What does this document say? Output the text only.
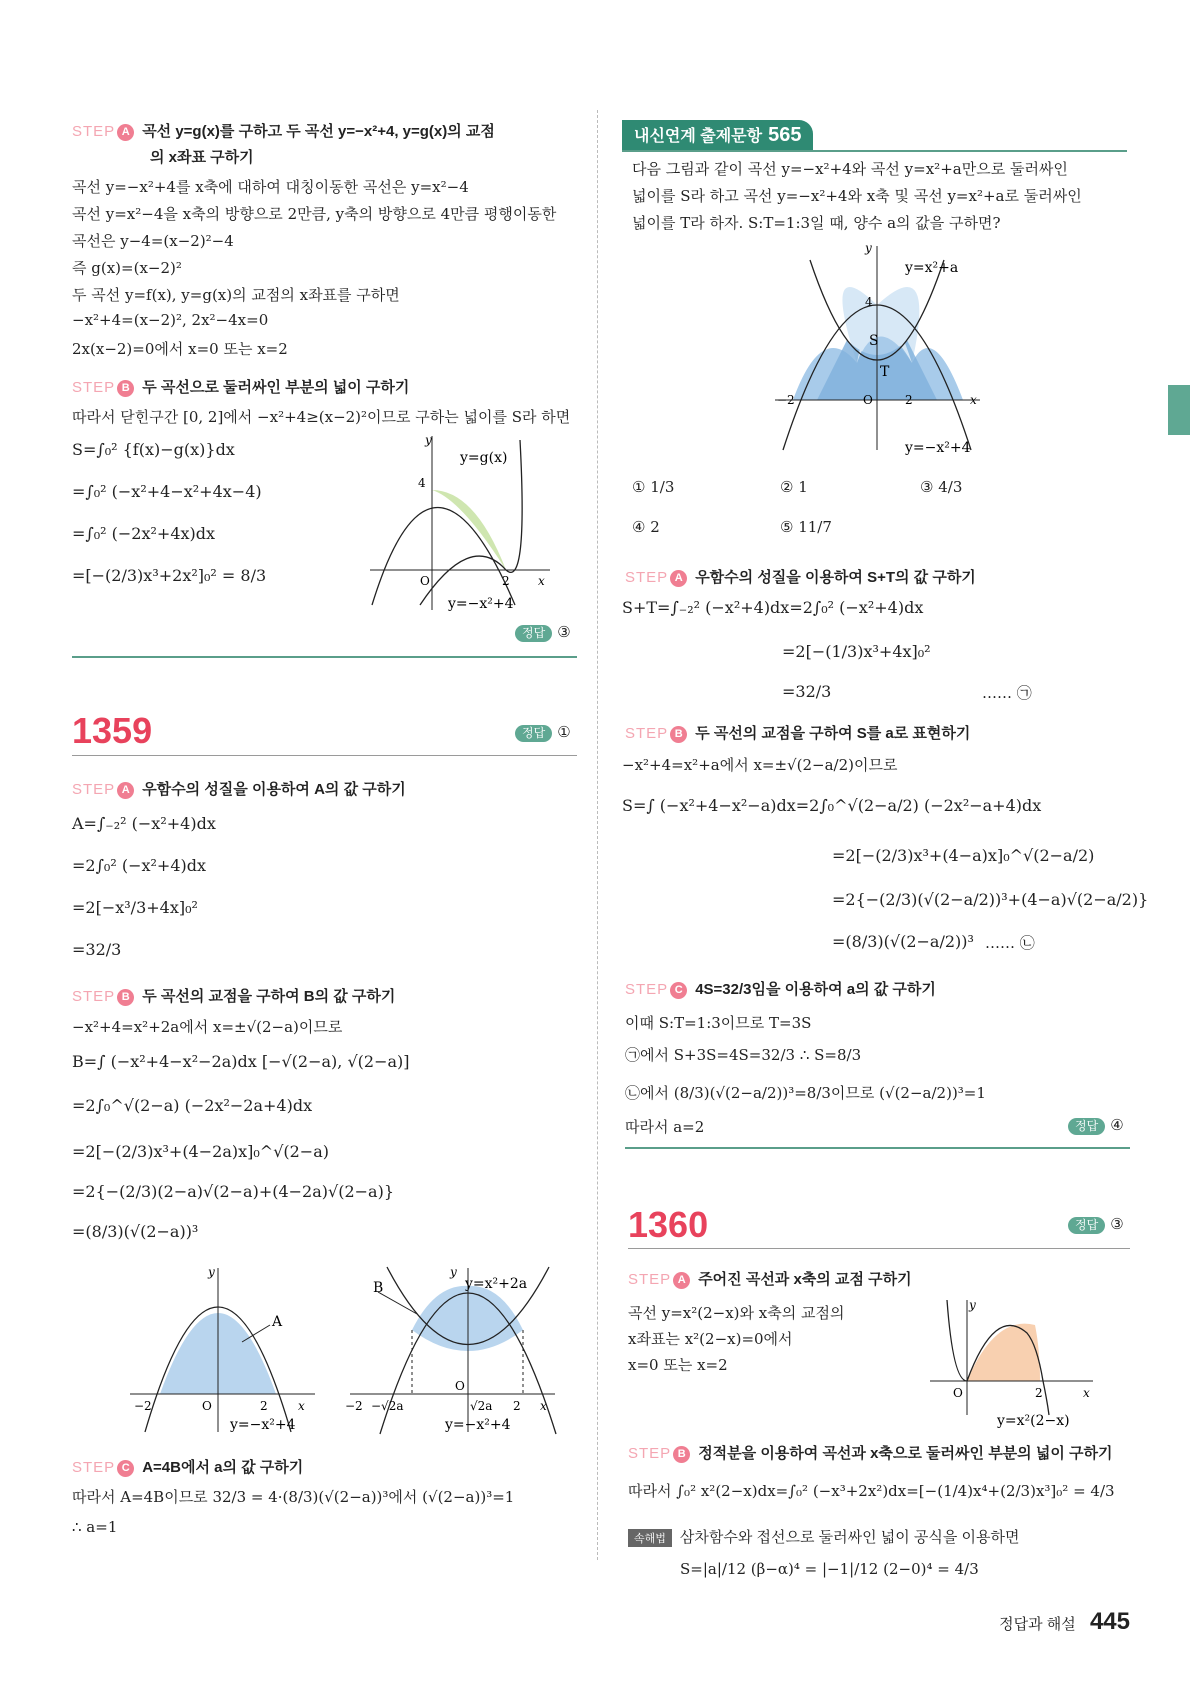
STEP A 곡선 y=g(x)를 구하고 두 곡선 y=−x²+4, y=g(x)의 교점
의 x좌표 구하기
곡선 y=−x²+4를 x축에 대하여 대칭이동한 곡선은 y=x²−4
곡선 y=x²−4을 x축의 방향으로 2만큼, y축의 방향으로 4만큼 평행이동한
곡선은 y−4=(x−2)²−4
즉 g(x)=(x−2)²
두 곡선 y=f(x), y=g(x)의 교점의 x좌표를 구하면
−x²+4=(x−2)², 2x²−4x=0
2x(x−2)=0에서 x=0 또는 x=2
STEP B 두 곡선으로 둘러싸인 부분의 넓이 구하기
따라서 닫힌구간 [0, 2]에서 −x²+4≥(x−2)²이므로 구하는 넓이를 S라 하면
S=∫₀² {f(x)−g(x)}dx
=∫₀² (−x²+4−x²+4x−4)
=∫₀² (−2x²+4x)dx
=[−(2/3)x³+2x²]₀² = 8/3
y=g(x)
4
O	2 x
y
y=−x²+4
정답 ③
1359	정답 ①
STEP A 우함수의 성질을 이용하여 A의 값 구하기
A=∫₋₂² (−x²+4)dx
=2∫₀² (−x²+4)dx
=2[−x³/3+4x]₀²
=32/3
STEP B 두 곡선의 교점을 구하여 B의 값 구하기
−x²+4=x²+2a에서 x=±√(2−a)이므로
B=∫ (−x²+4−x²−2a)dx [−√(2−a), √(2−a)]
=2∫₀^√(2−a) (−2x²−2a+4)dx
=2[−(2/3)x³+(4−2a)x]₀^√(2−a)
=2{−(2/3)(2−a)√(2−a)+(4−2a)√(2−a)}
=(8/3)(√(2−a))³
A
−2	O	2	x
y
y=−x²+4
B	y=x²+2a
O
−2 −√2a	√2a 2 x
y
y=−x²+4
STEP C A=4B에서 a의 값 구하기
따라서 A=4B이므로 32/3 = 4·(8/3)(√(2−a))³에서 (√(2−a))³=1
∴ a=1
내신연계 출제문항 565
다음 그림과 같이 곡선 y=−x²+4와 곡선 y=x²+a만으로 둘러싸인
넓이를 S라 하고 곡선 y=−x²+4와 x축 및 곡선 y=x²+a로 둘러싸인
넓이를 T라 하자. S:T=1:3일 때, 양수 a의 값을 구하면?
y=x²+a
y=−x²+4
4
S
T
−2	O	2	x
y
① 1/3	② 1	③ 4/3
④ 2	⑤ 11/7
STEP A 우함수의 성질을 이용하여 S+T의 값 구하기
S+T=∫₋₂² (−x²+4)dx=2∫₀² (−x²+4)dx
=2[−(1/3)x³+4x]₀²
=32/3	…… ㉠
STEP B 두 곡선의 교점을 구하여 S를 a로 표현하기
−x²+4=x²+a에서 x=±√(2−a/2)이므로
S=∫ (−x²+4−x²−a)dx=2∫₀^√(2−a/2) (−2x²−a+4)dx
=2[−(2/3)x³+(4−a)x]₀^√(2−a/2)
=2{−(2/3)(√(2−a/2))³+(4−a)√(2−a/2)}
=(8/3)(√(2−a/2))³ …… ㉡
STEP C 4S=32/3임을 이용하여 a의 값 구하기
이때 S:T=1:3이므로 T=3S
㉠에서 S+3S=4S=32/3 ∴ S=8/3
㉡에서 (8/3)(√(2−a/2))³=8/3이므로 (√(2−a/2))³=1
따라서 a=2	정답 ④
1360	정답 ③
STEP A 주어진 곡선과 x축의 교점 구하기
곡선 y=x²(2−x)와 x축의 교점의
x좌표는 x²(2−x)=0에서
x=0 또는 x=2
O	2	x
y
y=x²(2−x)
STEP B 정적분을 이용하여 곡선과 x축으로 둘러싸인 부분의 넓이 구하기
따라서 ∫₀² x²(2−x)dx=∫₀² (−x³+2x²)dx=[−(1/4)x⁴+(2/3)x³]₀² = 4/3
속해법 삼차함수와 접선으로 둘러싸인 넓이 공식을 이용하면
S=|a|/12 (β−α)⁴ = |−1|/12 (2−0)⁴ = 4/3
정답과 해설 445
